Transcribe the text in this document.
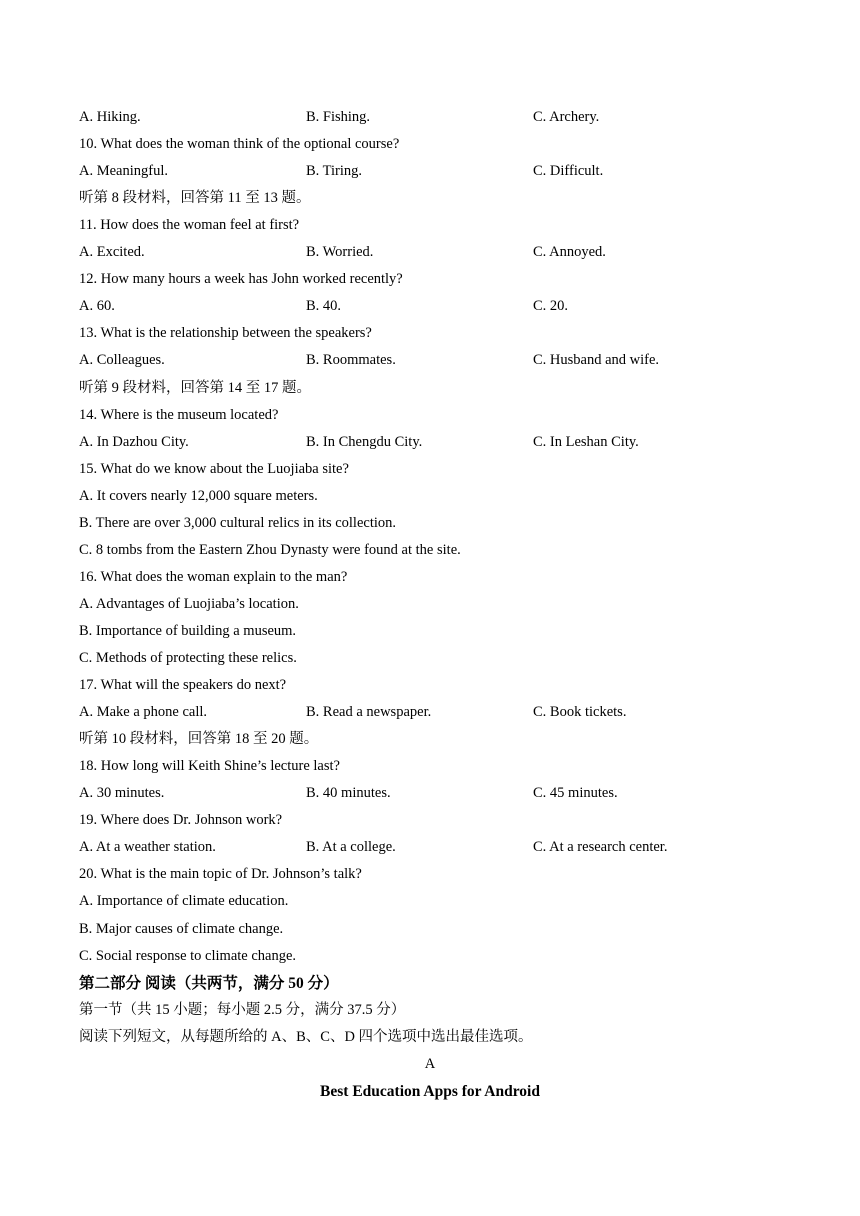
A. Hiking.	B. Fishing.	C. Archery.
10. What does the woman think of the optional course?
A. Meaningful.	B. Tiring.	C. Difficult.
听第 8 段材料，回答第 11 至 13 题。
11. How does the woman feel at first?
A. Excited.	B. Worried.	C. Annoyed.
12. How many hours a week has John worked recently?
A. 60.	B. 40.	C. 20.
13. What is the relationship between the speakers?
A. Colleagues.	B. Roommates.	C. Husband and wife.
听第 9 段材料，回答第 14 至 17 题。
14. Where is the museum located?
A. In Dazhou City.	B. In Chengdu City.	C. In Leshan City.
15. What do we know about the Luojiaba site?
A. It covers nearly 12,000 square meters.
B. There are over 3,000 cultural relics in its collection.
C. 8 tombs from the Eastern Zhou Dynasty were found at the site.
16. What does the woman explain to the man?
A. Advantages of Luojiaba’s location.
B. Importance of building a museum.
C. Methods of protecting these relics.
17. What will the speakers do next?
A. Make a phone call.	B. Read a newspaper.	C. Book tickets.
听第 10 段材料，回答第 18 至 20 题。
18. How long will Keith Shine’s lecture last?
A. 30 minutes.	B. 40 minutes.	C. 45 minutes.
19. Where does Dr. Johnson work?
A. At a weather station.	B. At a college.	C. At a research center.
20. What is the main topic of Dr. Johnson’s talk?
A. Importance of climate education.
B. Major causes of climate change.
C. Social response to climate change.
第二部分 阅读（共两节，满分 50 分）
第一节（共 15 小题；每小题 2.5 分，满分 37.5 分）
阅读下列短文，从每题所给的 A、B、C、D 四个选项中选出最佳选项。
A
Best Education Apps for Android
